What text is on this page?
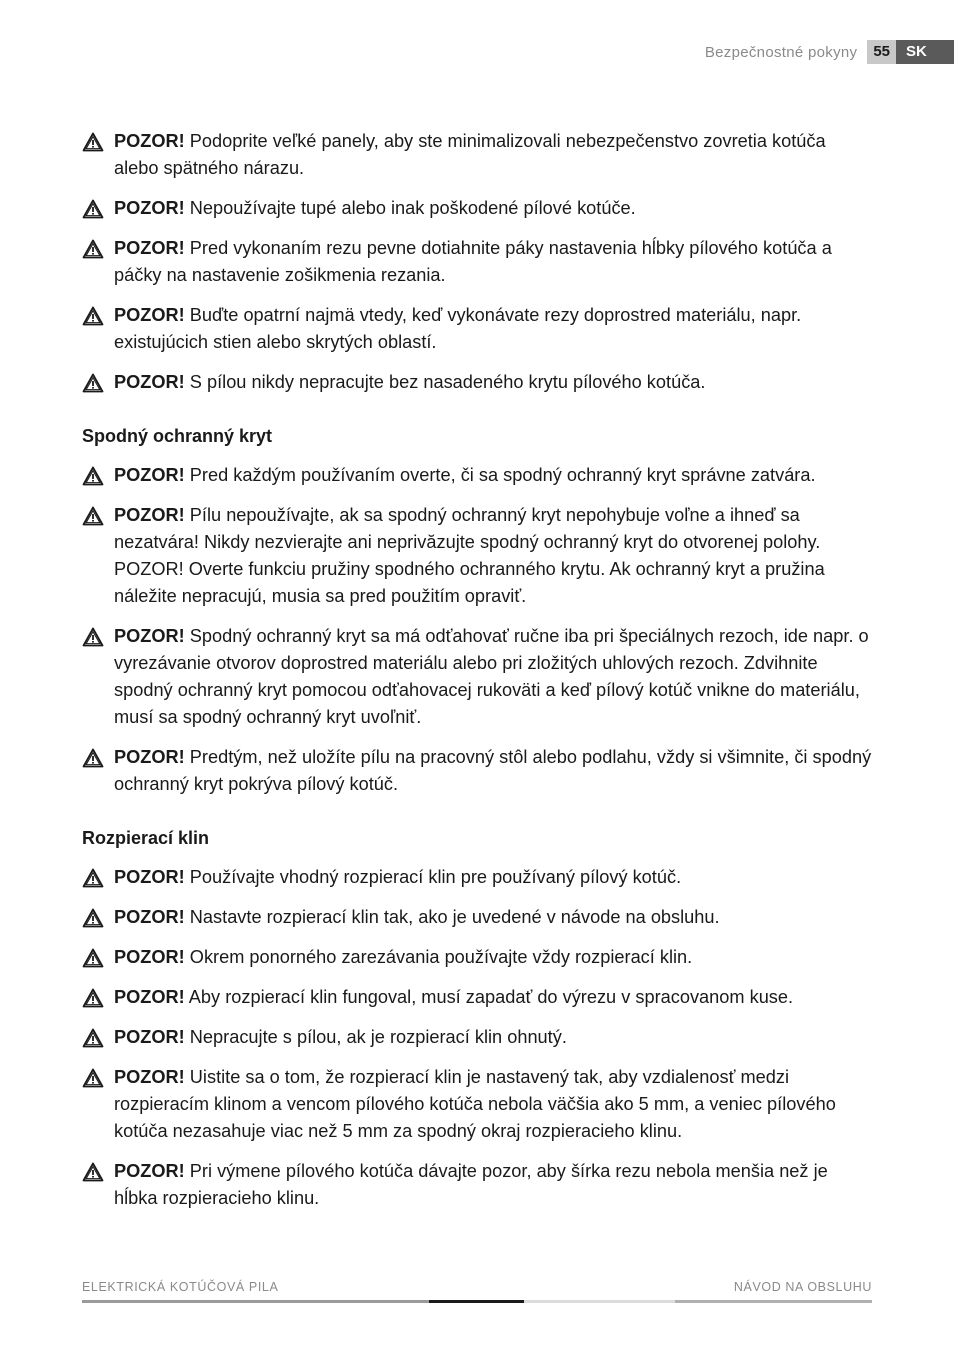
Bezpečnostné pokyny	55	SK
POZOR! Podoprite veľké panely, aby ste minimalizovali nebezpečenstvo zovretia kotúča alebo spätného nárazu.
POZOR! Nepoužívajte tupé alebo inak poškodené pílové kotúče.
POZOR! Pred vykonaním rezu pevne dotiahnite páky nastavenia hĺbky pílového kotúča a páčky na nastavenie zošikmenia rezania.
POZOR! Buďte opatrní najmä vtedy, keď vykonávate rezy doprostred materiálu, napr. existujúcich stien alebo skrytých oblastí.
POZOR! S pílou nikdy nepracujte bez nasadeného krytu pílového kotúča.
Spodný ochranný kryt
POZOR! Pred každým používaním overte, či sa spodný ochranný kryt správne zatvára.
POZOR! Pílu nepoužívajte, ak sa spodný ochranný kryt nepohybuje voľne a ihneď sa nezatvára! Nikdy nezvierajte ani neprivăzujte spodný ochranný kryt do otvorenej polohy. POZOR! Overte funkciu pružiny spodného ochranného krytu. Ak ochranný kryt a pružina náležite nepracujú, musia sa pred použitím opraviť.
POZOR! Spodný ochranný kryt sa má odťahovať ručne iba pri špeciálnych rezoch, ide napr. o vyrezávanie otvorov doprostred materiálu alebo pri zložitých uhlových rezoch. Zdvihnite spodný ochranný kryt pomocou odťahovacej rukoväti a keď pílový kotúč vnikne do materiálu, musí sa spodný ochranný kryt uvoľniť.
POZOR! Predtým, než uložíte pílu na pracovný stôl alebo podlahu, vždy si všimnite, či spodný ochranný kryt pokrýva pílový kotúč.
Rozpierací klin
POZOR! Používajte vhodný rozpierací klin pre používaný pílový kotúč.
POZOR! Nastavte rozpierací klin tak, ako je uvedené v návode na obsluhu.
POZOR! Okrem ponorného zarezávania používajte vždy rozpierací klin.
POZOR! Aby rozpierací klin fungoval, musí zapadať do výrezu v spracovanom kuse.
POZOR! Nepracujte s pílou, ak je rozpierací klin ohnutý.
POZOR! Uistite sa o tom, že rozpierací klin je nastavený tak, aby vzdialenosť medzi rozpieracím klinom a vencom pílového kotúča nebola väčšia ako 5 mm, a veniec pílového kotúča nezasahuje viac než 5 mm za spodný okraj rozpieracieho klinu.
POZOR! Pri výmene pílového kotúča dávajte pozor, aby šírka rezu nebola menšia než je hĺbka rozpieracieho klinu.
ELEKTRICKÁ KOTÚČOVÁ PILA	NÁVOD NA OBSLUHU
